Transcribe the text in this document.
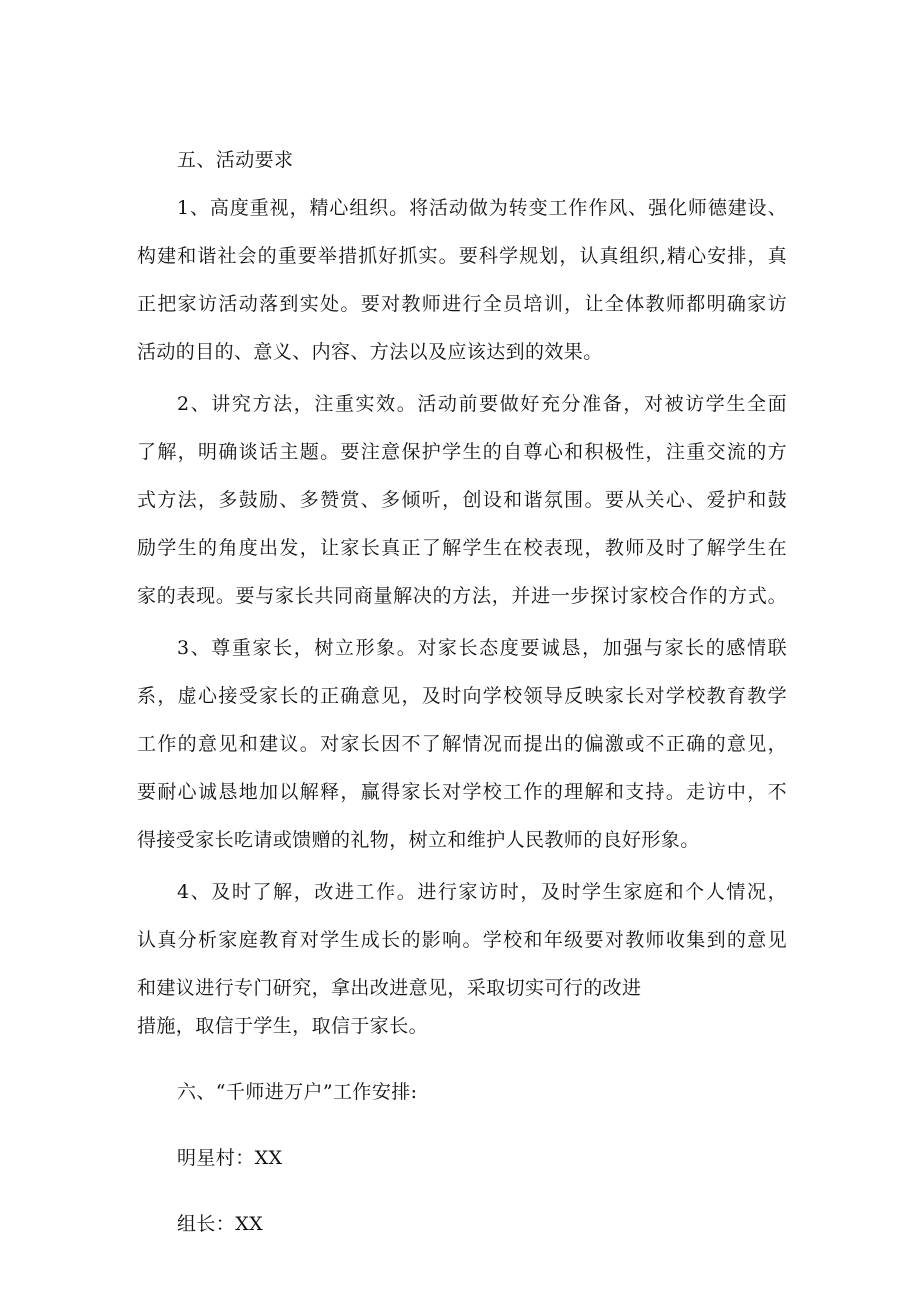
五、活动要求
1、高度重视，精心组织。将活动做为转变工作作风、强化师德建设、
构建和谐社会的重要举措抓好抓实。要科学规划，认真组织,精心安排，真
正把家访活动落到实处。要对教师进行全员培训，让全体教师都明确家访
活动的目的、意义、内容、方法以及应该达到的效果。
2、讲究方法，注重实效。活动前要做好充分准备，对被访学生全面
了解，明确谈话主题。要注意保护学生的自尊心和积极性，注重交流的方
式方法，多鼓励、多赞赏、多倾听，创设和谐氛围。要从关心、爱护和鼓
励学生的角度出发，让家长真正了解学生在校表现，教师及时了解学生在
家的表现。要与家长共同商量解决的方法，并进一步探讨家校合作的方式。
3、尊重家长，树立形象。对家长态度要诚恳，加强与家长的感情联
系，虚心接受家长的正确意见，及时向学校领导反映家长对学校教育教学
工作的意见和建议。对家长因不了解情况而提出的偏激或不正确的意见，
要耐心诚恳地加以解释，赢得家长对学校工作的理解和支持。走访中，不
得接受家长吃请或馈赠的礼物，树立和维护人民教师的良好形象。
4、及时了解，改进工作。进行家访时，及时学生家庭和个人情况，
认真分析家庭教育对学生成长的影响。学校和年级要对教师收集到的意见
和建议进行专门研究，拿出改进意见，采取切实可行的改进
措施，取信于学生，取信于家长。
六、“千师进万户”工作安排:
明星村：XX
组长：XX
